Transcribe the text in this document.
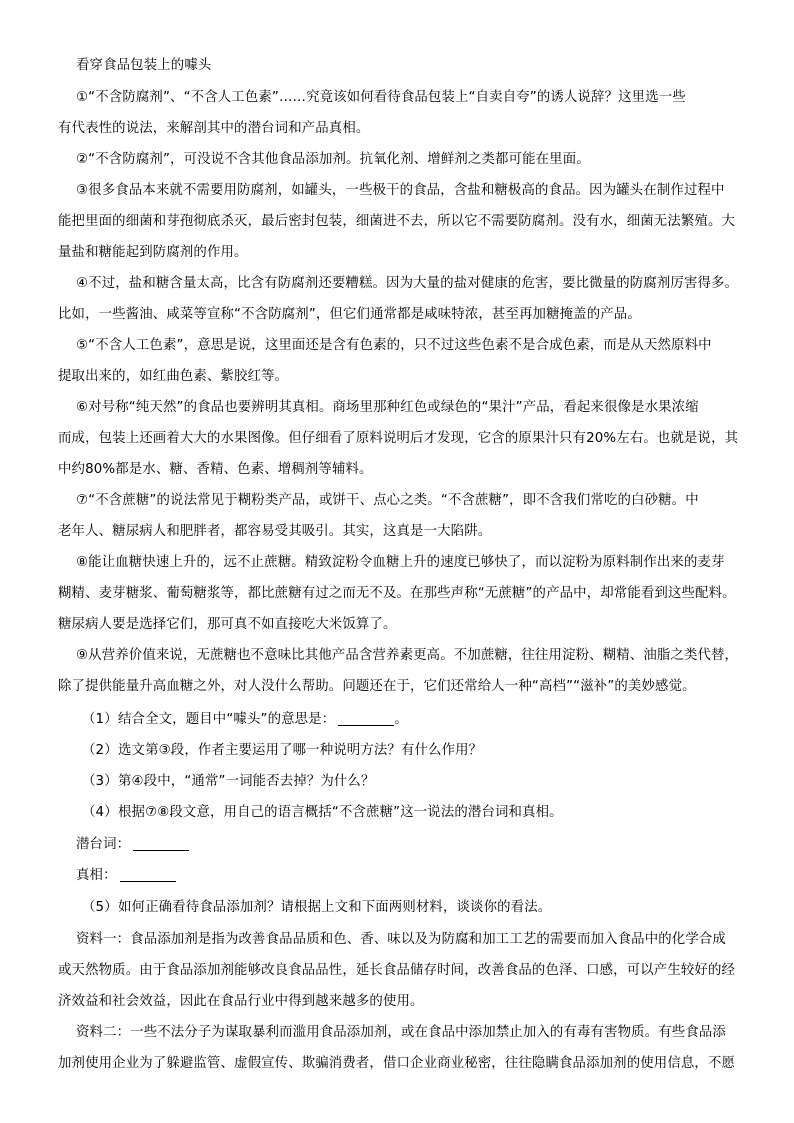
看穿食品包装上的噱头
①“不含防腐剂”、“不含人工色素”……究竟该如何看待食品包装上“自卖自夸”的诱人说辞？这里选一些
有代表性的说法，来解剖其中的潜台词和产品真相。
②“不含防腐剂”，可没说不含其他食品添加剂。抗氧化剂、增鲜剂之类都可能在里面。
③很多食品本来就不需要用防腐剂，如罐头，一些极干的食品，含盐和糖极高的食品。因为罐头在制作过程中
能把里面的细菌和芽孢彻底杀灭，最后密封包装，细菌进不去，所以它不需要防腐剂。没有水，细菌无法繁殖。大
量盐和糖能起到防腐剂的作用。
④不过，盐和糖含量太高，比含有防腐剂还要糟糕。因为大量的盐对健康的危害，要比微量的防腐剂厉害得多。
比如，一些酱油、咸菜等宣称“不含防腐剂”，但它们通常都是咸味特浓，甚至再加糖掩盖的产品。
⑤“不含人工色素”，意思是说，这里面还是含有色素的，只不过这些色素不是合成色素，而是从天然原料中
提取出来的，如红曲色素、紫胶红等。
⑥对号称“纯天然”的食品也要辨明其真相。商场里那种红色或绿色的“果汁”产品，看起来很像是水果浓缩
而成，包装上还画着大大的水果图像。但仔细看了原料说明后才发现，它含的原果汁只有20%左右。也就是说，其
中约80%都是水、糖、香精、色素、增稠剂等辅料。
⑦“不含蔗糖”的说法常见于糊粉类产品，或饼干、点心之类。“不含蔗糖”，即不含我们常吃的白砂糖。中
老年人、糖尿病人和肥胖者，都容易受其吸引。其实，这真是一大陷阱。
⑧能让血糖快速上升的，远不止蔗糖。精致淀粉令血糖上升的速度已够快了，而以淀粉为原料制作出来的麦芽
糊精、麦芽糖浆、葡萄糖浆等，都比蔗糖有过之而无不及。在那些声称“无蔗糖”的产品中，却常能看到这些配料。
糖尿病人要是选择它们，那可真不如直接吃大米饭算了。
⑨从营养价值来说，无蔗糖也不意味比其他产品含营养素更高。不加蔗糖，往往用淀粉、糊精、油脂之类代替，
除了提供能量升高血糖之外，对人没什么帮助。问题还在于，它们还常给人一种“高档”“滋补”的美妙感觉。
（1） 结合全文，题目中“噱头”的意思是：	。
（2） 选文第③段，作者主要运用了哪一种说明方法？有什么作用？
（3） 第④段中，“通常”一词能否去掉？为什么？
（4） 根据⑦⑧段文意，用自己的语言概括“不含蔗糖”这一说法的潜台词和真相。
潜台词：
真相：
（5） 如何正确看待食品添加剂？请根据上文和下面两则材料，谈谈你的看法。
资料一：食品添加剂是指为改善食品品质和色、香、味以及为防腐和加工工艺的需要而加入食品中的化学合成
或天然物质。由于食品添加剂能够改良食品品性，延长食品储存时间，改善食品的色泽、口感，可以产生较好的经
济效益和社会效益，因此在食品行业中得到越来越多的使用。
资料二：一些不法分子为谋取暴利而滥用食品添加剂，或在食品中添加禁止加入的有毒有害物质。有些食品添
加剂使用企业为了躲避监管、虚假宣传、欺骗消费者，借口企业商业秘密，往往隐瞒食品添加剂的使用信息，不愿
